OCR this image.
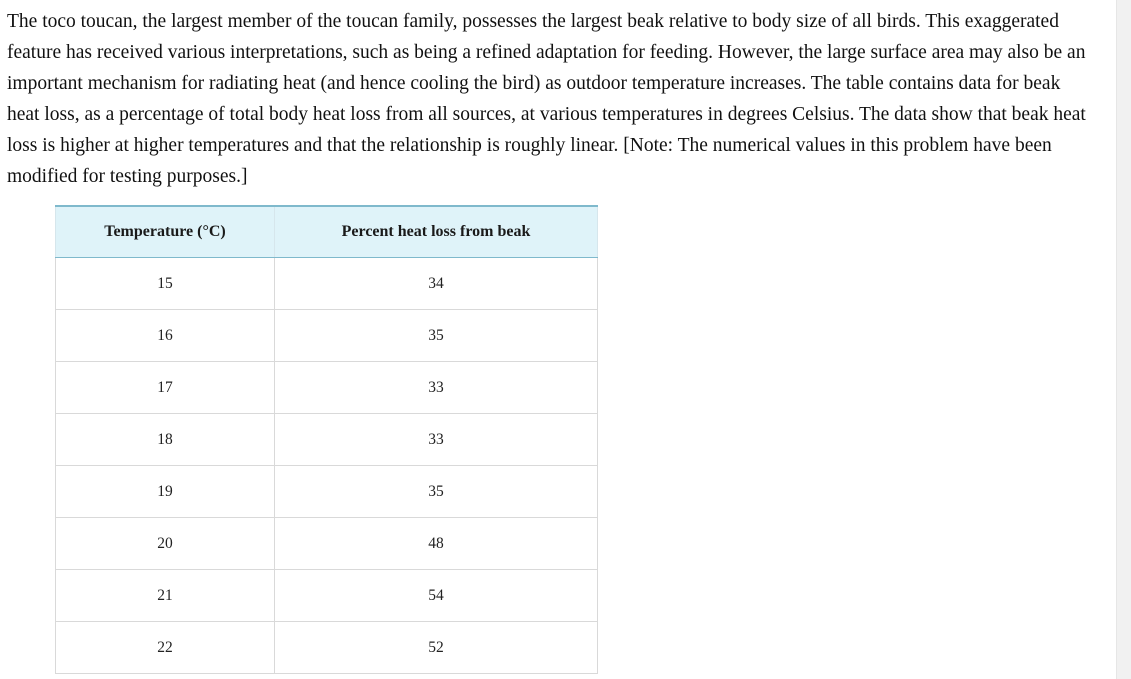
The toco toucan, the largest member of the toucan family, possesses the largest beak relative to body size of all birds. This exaggerated feature has received various interpretations, such as being a refined adaptation for feeding. However, the large surface area may also be an important mechanism for radiating heat (and hence cooling the bird) as outdoor temperature increases. The table contains data for beak heat loss, as a percentage of total body heat loss from all sources, at various temperatures in degrees Celsius. The data show that beak heat loss is higher at higher temperatures and that the relationship is roughly linear. [Note: The numerical values in this problem have been modified for testing purposes.]

Temperature (°C)	Percent heat loss from beak
15	34
16	35
17	33
18	33
19	35
20	48
21	54
22	52
